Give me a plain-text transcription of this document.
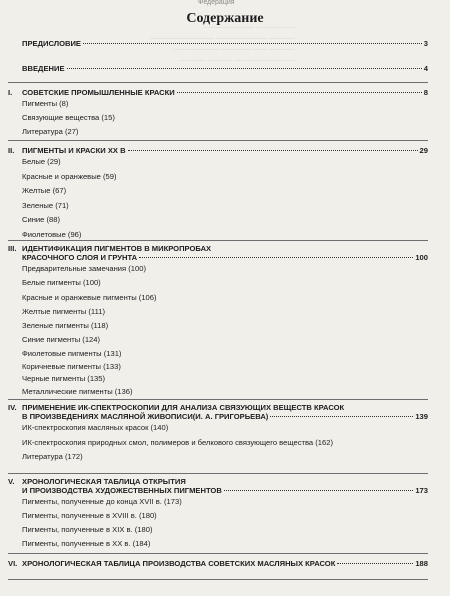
────── ────────
──── ──────── ──────────
──── ── ───── ───────
──────── ─ ──── ────
Федерация
Содержание
ПРЕДИСЛОВИЕ	3
ВВЕДЕНИЕ	4
I.	СОВЕТСКИЕ ПРОМЫШЛЕННЫЕ КРАСКИ	8
Пигменты (8)
Связующие вещества (15)
Литература (27)
II.	ПИГМЕНТЫ И КРАСКИ XX В	29
Белые (29)
Красные и оранжевые (59)
Желтые (67)
Зеленые (71)
Синие (88)
Фиолетовые (96)
III. ИДЕНТИФИКАЦИЯ ПИГМЕНТОВ В МИКРОПРОБАХ
КРАСОЧНОГО СЛОЯ И ГРУНТА	100
Предварительные замечания (100)
Белые пигменты (100)
Красные и оранжевые пигменты (106)
Желтые пигменты (111)
Зеленые пигменты (118)
Синие пигменты (124)
Фиолетовые пигменты (131)
Коричневые пигменты (133)
Черные пигменты (135)
Металлические пигменты (136)
IV. ПРИМЕНЕНИЕ ИК-СПЕКТРОСКОПИИ ДЛЯ АНАЛИЗА СВЯЗУЮЩИХ ВЕЩЕСТВ КРАСОК
В ПРОИЗВЕДЕНИЯХ МАСЛЯНОЙ ЖИВОПИСИ (И. А. ГРИГОРЬЕВА)	139
ИК-спектроскопия масляных красок (140)
ИК-спектроскопия природных смол, полимеров и белкового связующего вещества (162)
Литература (172)
V. ХРОНОЛОГИЧЕСКАЯ ТАБЛИЦА ОТКРЫТИЯ
И ПРОИЗВОДСТВА ХУДОЖЕСТВЕННЫХ ПИГМЕНТОВ	173
Пигменты, полученные до конца XVII в. (173)
Пигменты, полученные в XVIII в. (180)
Пигменты, полученные в XIX в. (180)
Пигменты, полученные в XX в. (184)
VI. ХРОНОЛОГИЧЕСКАЯ ТАБЛИЦА ПРОИЗВОДСТВА СОВЕТСКИХ МАСЛЯНЫХ КРАСОК	188
